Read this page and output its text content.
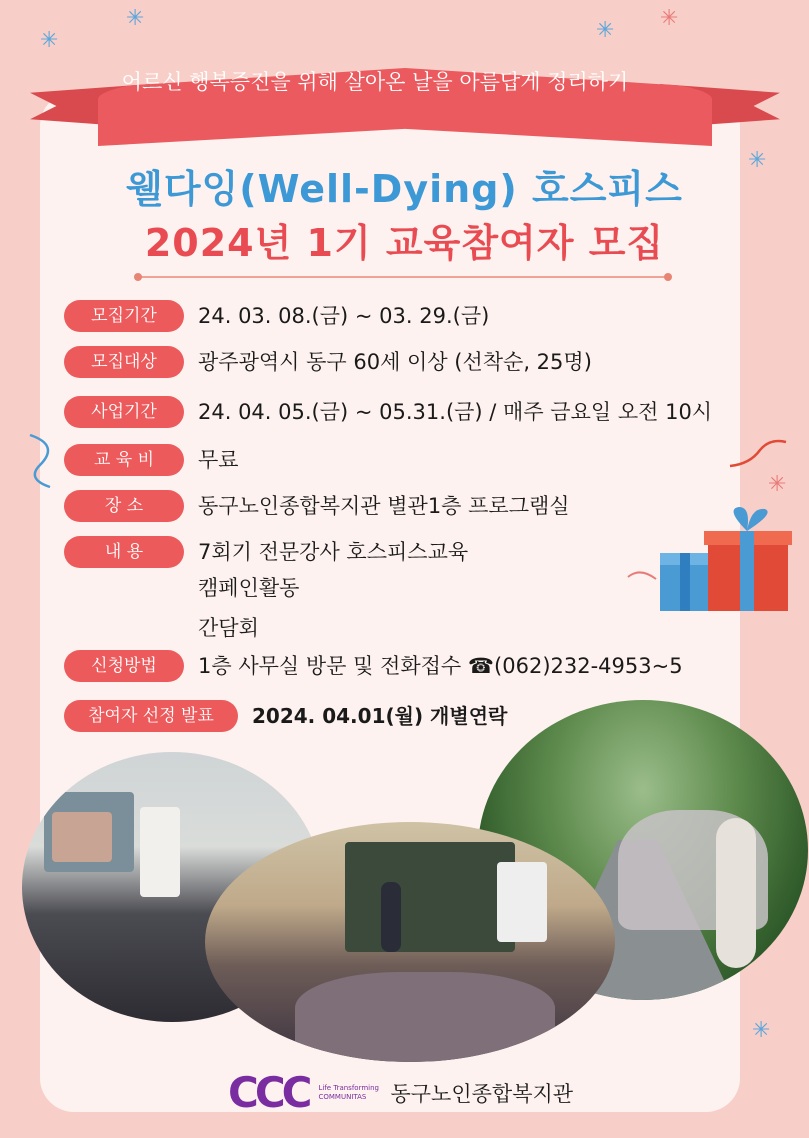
✳
✳	✳ ✳
✳
✳
✳
어르신 행복증진을 위해 살아온 날을 아름답게 정리하기
웰다잉(Well-Dying) 호스피스
2024년 1기 교육참여자 모집
모집기간	24. 03. 08.(금) ~ 03. 29.(금)
모집대상	광주광역시 동구 60세 이상 (선착순, 25명)
사업기간	24. 04. 05.(금) ~ 05.31.(금) / 매주 금요일 오전 10시
교 육 비	무료
장 소	동구노인종합복지관 별관1층 프로그램실
내 용	7회기 전문강사 호스피스교육
캠페인활동
간담회
신청방법	1층 사무실 방문 및 전화접수 ☎(062)232-4953~5
참여자 선정 발표	2024. 04.01(월) 개별연락
CCC Life Transforming COMMUNITAS	동구노인종합복지관
